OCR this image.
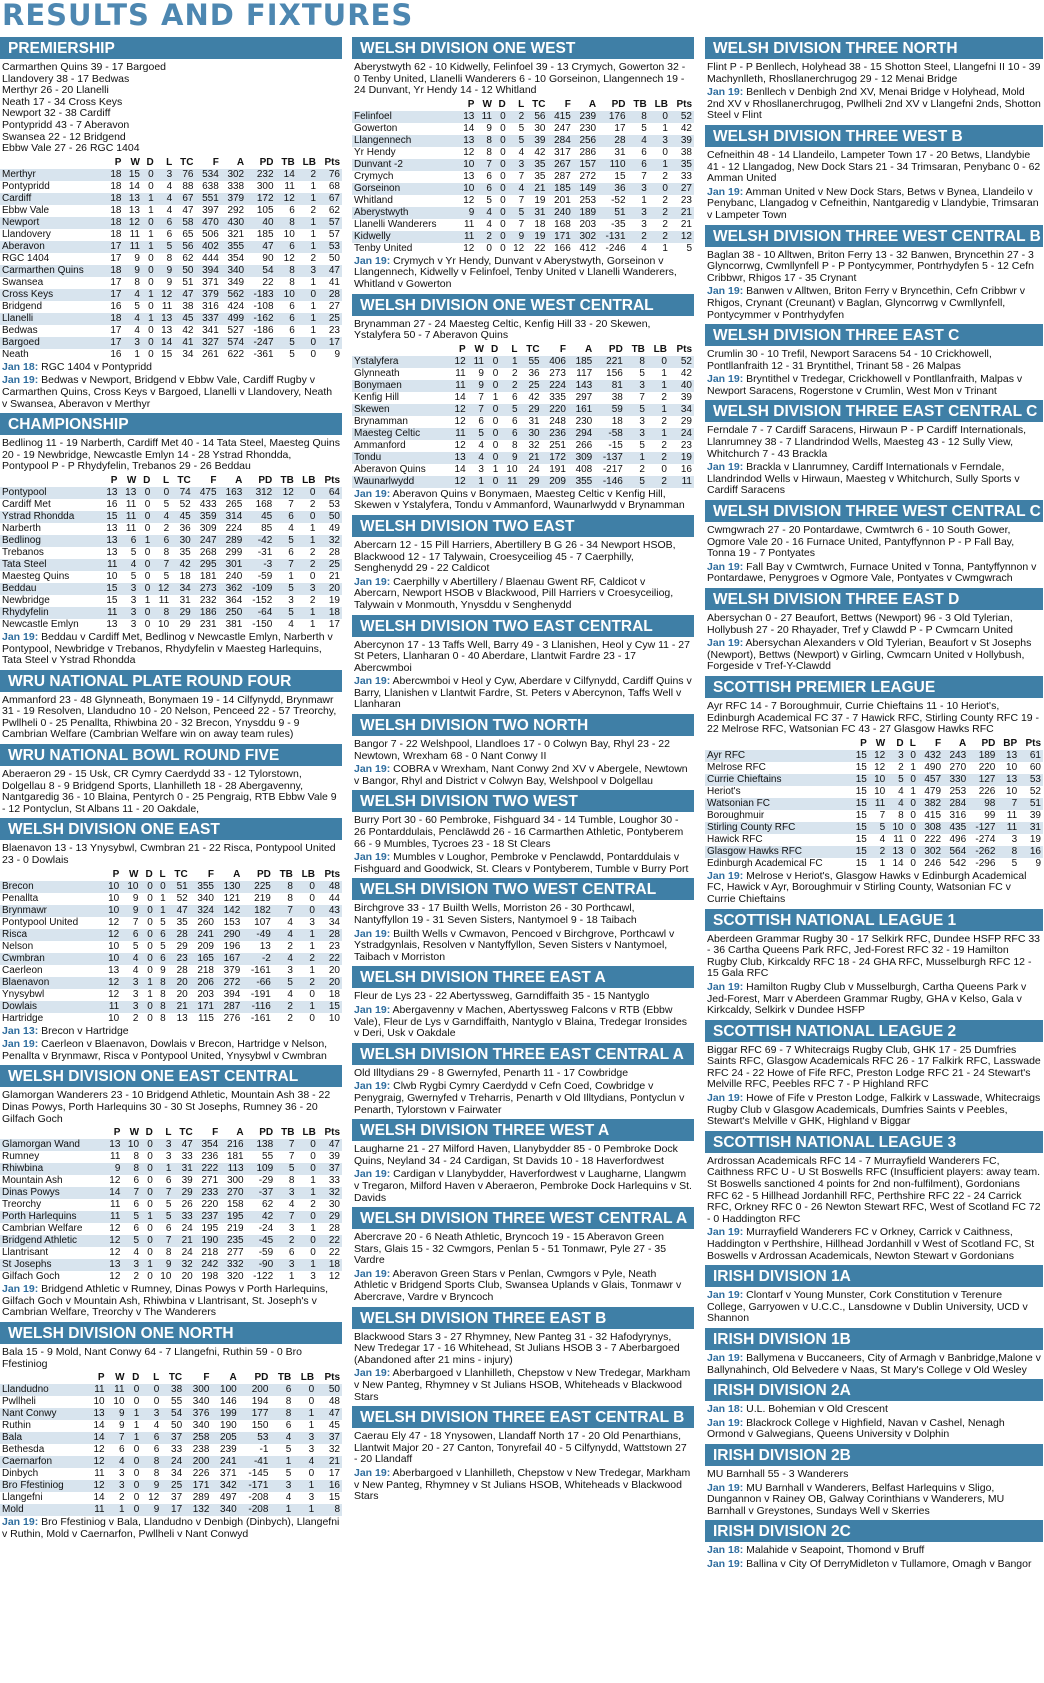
RESULTS AND FIXTURES
PREMIERSHIP
Carmarthen Quins 39 - 17 Bargoed
Llandovery 38 - 17 Bedwas
Merthyr 26 - 20 Llanelli
Neath 17 - 34 Cross Keys
Newport 32 - 38 Cardiff
Pontypridd 43 - 7 Aberavon
Swansea 22 - 12 Bridgend
Ebbw Vale 27 - 26 RGC 1404
	P	W	D	L	TC	F	A	PD	TB	LB	Pts
Merthyr	18	15	0	3	76	534	302	232	14	2	76
Pontypridd	18	14	0	4	88	638	338	300	11	1	68
Cardiff	18	13	1	4	67	551	379	172	12	1	67
Ebbw Vale	18	13	1	4	47	397	292	105	6	2	62
Newport	18	12	0	6	58	470	430	40	8	1	57
Llandovery	18	11	1	6	65	506	321	185	10	1	57
Aberavon	17	11	1	5	56	402	355	47	6	1	53
RGC 1404	17	9	0	8	62	444	354	90	12	2	50
Carmarthen Quins	18	9	0	9	50	394	340	54	8	3	47
Swansea	17	8	0	9	51	371	349	22	8	1	41
Cross Keys	17	4	1	12	47	379	562	-183	10	0	28
Bridgend	16	5	0	11	38	316	424	-108	6	1	27
Llanelli	18	4	1	13	45	337	499	-162	6	1	25
Bedwas	17	4	0	13	42	341	527	-186	6	1	23
Bargoed	17	3	0	14	41	327	574	-247	5	0	17
Neath	16	1	0	15	34	261	622	-361	5	0	9
Jan 18: RGC 1404 v Pontypridd
Jan 19: Bedwas v Newport, Bridgend v Ebbw Vale, Cardiff Rugby v Carmarthen Quins, Cross Keys v Bargoed, Llanelli v Llandovery, Neath v Swansea, Aberavon v Merthyr
CHAMPIONSHIP
Bedlinog 11 - 19 Narberth, Cardiff Met 40 - 14 Tata Steel, Maesteg Quins 20 - 19 Newbridge, Newcastle Emlyn 14 - 28 Ystrad Rhondda, Pontypool P - P Rhydyfelin, Trebanos 29 - 26 Beddau
	P	W	D	L	TC	F	A	PD	TB	LB	Pts
Pontypool	13	13	0	0	74	475	163	312	12	0	64
Cardiff Met	16	11	0	5	52	433	265	168	7	2	53
Ystrad Rhondda	15	11	0	4	45	359	314	45	6	0	50
Narberth	13	11	0	2	36	309	224	85	4	1	49
Bedlinog	13	6	1	6	30	247	289	-42	5	1	32
Trebanos	13	5	0	8	35	268	299	-31	6	2	28
Tata Steel	11	4	0	7	42	295	301	-3	7	2	25
Maesteg Quins	10	5	0	5	18	181	240	-59	1	0	21
Beddau	15	3	0	12	34	273	362	-109	5	3	20
Newbridge	15	3	1	11	31	232	364	-152	3	2	19
Rhydyfelin	11	3	0	8	29	186	250	-64	5	1	18
Newcastle Emlyn	13	3	0	10	29	231	381	-150	4	1	17
Jan 19: Beddau v Cardiff Met, Bedlinog v Newcastle Emlyn, Narberth v Pontypool, Newbridge v Trebanos, Rhydyfelin v Maesteg Harlequins, Tata Steel v Ystrad Rhondda
WRU NATIONAL PLATE ROUND FOUR
Ammanford 23 - 48 Glynneath, Bonymaen 19 - 14 Cilfynydd, Brynmawr 31 - 19 Resolven, Llandudno 10 - 20 Nelson, Penceed 22 - 57 Treorchy, Pwllheli 0 - 25 Penallta, Rhiwbina 20 - 32 Brecon, Ynysddu 9 - 9 Cambrian Welfare (Cambrian Welfare win on away team rules)
WRU NATIONAL BOWL ROUND FIVE
Aberaeron 29 - 15 Usk, CR Cymry Caerdydd 33 - 12 Tylorstown, Dolgellau 8 - 9 Bridgend Sports, Llanhilleth 18 - 28 Abergavenny, Nantgaredig 36 - 10 Blaina, Pentyrch 0 - 25 Pengraig, RTB Ebbw Vale 9 - 12 Pontyclun, St Albans 11 - 20 Oakdale,
WELSH DIVISION ONE EAST
Blaenavon 13 - 13 Ynysybwl, Cwmbran 21 - 22 Risca, Pontypool United 23 - 0 Dowlais
	P	W	D	L	TC	F	A	PD	TB	LB	Pts
Brecon	10	10	0	0	51	355	130	225	8	0	48
Penallta	10	9	0	1	52	340	121	219	8	0	44
Brynmawr	10	9	0	1	47	324	142	182	7	0	43
Pontypool United	12	7	0	5	35	260	153	107	4	3	34
Risca	12	6	0	6	28	241	290	-49	4	1	28
Nelson	10	5	0	5	29	209	196	13	2	1	23
Cwmbran	10	4	0	6	23	165	167	-2	4	2	22
Caerleon	13	4	0	9	28	218	379	-161	3	1	20
Blaenavon	12	3	1	8	20	206	272	-66	5	2	20
Ynysybwl	12	3	1	8	20	203	394	-191	4	0	18
Dowlais	11	3	0	8	21	171	287	-116	2	1	15
Hartridge	10	2	0	8	13	115	276	-161	2	0	10
Jan 13: Brecon v Hartridge
Jan 19: Caerleon v Blaenavon, Dowlais v Brecon, Hartridge v Nelson, Penallta v Brynmawr, Risca v Pontypool United, Ynysybwl v Cwmbran
WELSH DIVISION ONE EAST CENTRAL
Glamorgan Wanderers 23 - 10 Bridgend Athletic, Mountain Ash 38 - 22 Dinas Powys, Porth Harlequins 30 - 30 St Josephs, Rumney 36 - 20 Gilfach Goch
	P	W	D	L	TC	F	A	PD	TB	LB	Pts
Glamorgan Wand	13	10	0	3	47	354	216	138	7	0	47
Rumney	11	8	0	3	33	236	181	55	7	0	39
Rhiwbina	9	8	0	1	31	222	113	109	5	0	37
Mountain Ash	12	6	0	6	39	271	300	-29	8	1	33
Dinas Powys	14	7	0	7	29	233	270	-37	3	1	32
Treorchy	11	6	0	5	26	220	158	62	4	2	30
Porth Harlequins	11	5	1	5	33	237	195	42	7	0	29
Cambrian Welfare	12	6	0	6	24	195	219	-24	3	1	28
Bridgend Athletic	12	5	0	7	21	190	235	-45	2	0	22
Llantrisant	12	4	0	8	24	218	277	-59	6	0	22
St Josephs	13	3	1	9	32	242	332	-90	3	1	18
Gilfach Goch	12	2	0	10	20	198	320	-122	1	3	12
Jan 19: Bridgend Athletic v Rumney, Dinas Powys v Porth Harlequins, Gilfach Goch v Mountain Ash, Rhiwbina v Llantrisant, St. Joseph's v Cambrian Welfare, Treorchy v The Wanderers
WELSH DIVISION ONE NORTH
Bala 15 - 9 Mold, Nant Conwy 64 - 7 Llangefni, Ruthin 59 - 0 Bro Ffestiniog
	P	W	D	L	TC	F	A	PD	TB	LB	Pts
Llandudno	11	11	0	0	38	300	100	200	6	0	50
Pwllheli	10	10	0	0	55	340	146	194	8	0	48
Nant Conwy	13	9	1	3	54	376	199	177	8	1	47
Ruthin	14	9	1	4	50	340	190	150	6	1	45
Bala	14	7	1	6	37	258	205	53	4	3	37
Bethesda	12	6	0	6	33	238	239	-1	5	3	32
Caernarfon	12	4	0	8	24	200	241	-41	1	4	21
Dinbych	11	3	0	8	34	226	371	-145	5	0	17
Bro Ffestiniog	12	3	0	9	25	171	342	-171	3	1	16
Llangefni	14	2	0	12	37	289	497	-208	4	3	15
Mold	11	1	0	9	17	132	340	-208	1	1	8
Jan 19: Bro Ffestiniog v Bala, Llandudno v Denbigh (Dinbych), Llangefni v Ruthin, Mold v Caernarfon, Pwllheli v Nant Conwyd
WELSH DIVISION ONE WEST
Aberystwyth 62 - 10 Kidwelly, Felinfoel 39 - 13 Crymych, Gowerton 32 - 0 Tenby United, Llanelli Wanderers 6 - 10 Gorseinon, Llangennech 19 - 24 Dunvant, Yr Hendy 14 - 12 Whitland
	P	W	D	L	TC	F	A	PD	TB	LB	Pts
Felinfoel	13	11	0	2	56	415	239	176	8	0	52
Gowerton	14	9	0	5	30	247	230	17	5	1	42
Llangennech	13	8	0	5	39	284	256	28	4	3	39
Yr Hendy	12	8	0	4	42	317	286	31	6	0	38
Dunvant -2	10	7	0	3	35	267	157	110	6	1	35
Crymych	13	6	0	7	35	287	272	15	7	2	33
Gorseinon	10	6	0	4	21	185	149	36	3	0	27
Whitland	12	5	0	7	19	201	253	-52	1	2	23
Aberystwyth	9	4	0	5	31	240	189	51	3	2	21
Llanelli Wanderers	11	4	0	7	18	168	203	-35	3	2	21
Kidwelly	11	2	0	9	19	171	302	-131	2	2	12
Tenby United	12	0	0	12	22	166	412	-246	4	1	5
Jan 19: Crymych v Yr Hendy, Dunvant v Aberystwyth, Gorseinon v Llangennech, Kidwelly v Felinfoel, Tenby United v Llanelli Wanderers, Whitland v Gowerton
WELSH DIVISION ONE WEST CENTRAL
Brynamman 27 - 24 Maesteg Celtic, Kenfig Hill 33 - 20 Skewen, Ystalyfera 50 - 7 Aberavon Quins
	P	W	D	L	TC	F	A	PD	TB	LB	Pts
Ystalyfera	12	11	0	1	55	406	185	221	8	0	52
Glynneath	11	9	0	2	36	273	117	156	5	1	42
Bonymaen	11	9	0	2	25	224	143	81	3	1	40
Kenfig Hill	14	7	1	6	42	335	297	38	7	2	39
Skewen	12	7	0	5	29	220	161	59	5	1	34
Brynamman	12	6	0	6	31	248	230	18	3	2	29
Maesteg Celtic	11	5	0	6	30	236	294	-58	3	1	24
Ammanford	12	4	0	8	32	251	266	-15	5	2	23
Tondu	13	4	0	9	21	172	309	-137	1	2	19
Aberavon Quins	14	3	1	10	24	191	408	-217	2	0	16
Waunarlwydd	12	1	0	11	29	209	355	-146	5	2	11
Jan 19: Aberavon Quins v Bonymaen, Maesteg Celtic v Kenfig Hill, Skewen v Ystalyfera, Tondu v Ammanford, Waunarlwydd v Brynamman
WELSH DIVISION TWO EAST
Abercarn 12 - 15 Pill Harriers, Abertillery B G 26 - 34 Newport HSOB, Blackwood 12 - 17 Talywain, Croesyceiliog 45 - 7 Caerphilly, Senghenydd 29 - 22 Caldicot
Jan 19: Caerphilly v Abertillery / Blaenau Gwent RF, Caldicot v Abercarn, Newport HSOB v Blackwood, Pill Harriers v Croesyceiliog, Talywain v Monmouth, Ynysddu v Senghenydd
WELSH DIVISION TWO EAST CENTRAL
Abercynon 17 - 13 Taffs Well, Barry 49 - 3 Llanishen, Heol y Cyw 11 - 27 St Peters, Llanharan 0 - 40 Aberdare, Llantwit Fardre 23 - 17 Abercwmboi
Jan 19: Abercwmboi v Heol y Cyw, Aberdare v Cilfynydd, Cardiff Quins v Barry, Llanishen v Llantwit Fardre, St. Peters v Abercynon, Taffs Well v Llanharan
WELSH DIVISION TWO NORTH
Bangor 7 - 22 Welshpool, Llandloes 17 - 0 Colwyn Bay, Rhyl 23 - 22 Newtown, Wrexham 68 - 0 Nant Conwy II
Jan 19: COBRA v Wrexham, Nant Conwy 2nd XV v Abergele, Newtown v Bangor, Rhyl and District v Colwyn Bay, Welshpool v Dolgellau
WELSH DIVISION TWO WEST
Burry Port 30 - 60 Pembroke, Fishguard 34 - 14 Tumble, Loughor 30 - 26 Pontarddulais, Penclāwdd 26 - 16 Carmarthen Athletic, Pontyberem 66 - 9 Mumbles, Tycroes 23 - 18 St Clears
Jan 19: Mumbles v Loughor, Pembroke v Penclawdd, Pontarddulais v Fishguard and Goodwick, St. Clears v Pontyberem, Tumble v Burry Port
WELSH DIVISION TWO WEST CENTRAL
Birchgrove 33 - 17 Builth Wells, Morriston 26 - 30 Porthcawl, Nantyffyllon 19 - 31 Seven Sisters, Nantymoel 9 - 18 Taibach
Jan 19: Builth Wells v Cwmavon, Pencoed v Birchgrove, Porthcawl v Ystradgynlais, Resolven v Nantyffyllon, Seven Sisters v Nantymoel, Taibach v Morriston
WELSH DIVISION THREE EAST A
Fleur de Lys 23 - 22 Abertyssweg, Garndiffaith 35 - 15 Nantyglo
Jan 19: Abergavenny v Machen, Abertyssweg Falcons v RTB (Ebbw Vale), Fleur de Lys v Garndiffaith, Nantyglo v Blaina, Tredegar Ironsides v Deri, Usk v Oakdale
WELSH DIVISION THREE EAST CENTRAL A
Old Illtydians 29 - 8 Gwernyfed, Penarth 11 - 17 Cowbridge
Jan 19: Clwb Rygbi Cymry Caerdydd v Cefn Coed, Cowbridge v Penygraig, Gwernyfed v Treharris, Penarth v Old Illtydians, Pontyclun v Penarth, Tylorstown v Fairwater
WELSH DIVISION THREE WEST A
Laugharne 21 - 27 Milford Haven, Llanybydder 85 - 0 Pembroke Dock Quins, Neyland 34 - 24 Cardigan, St Davids 10 - 18 Haverfordwest
Jan 19: Cardigan v Llanybydder, Haverfordwest v Laugharne, Llangwm v Tregaron, Milford Haven v Aberaeron, Pembroke Dock Harlequins v St. Davids
WELSH DIVISION THREE WEST CENTRAL A
Abercrave 20 - 6 Neath Athletic, Bryncoch 19 - 15 Aberavon Green Stars, Glais 15 - 32 Cwmgors, Penlan 5 - 51 Tonmawr, Pyle 27 - 35 Vardre
Jan 19: Aberavon Green Stars v Penlan, Cwmgors v Pyle, Neath Athletic v Bridgend Sports Club, Swansea Uplands v Glais, Tonmawr v Abercrave, Vardre v Bryncoch
WELSH DIVISION THREE EAST B
Blackwood Stars 3 - 27 Rhymney, New Panteg 31 - 32 Hafodyrynys, New Tredegar 17 - 16 Whitehead, St Julians HSOB 3 - 7 Aberbargoed (Abandoned after 21 mins - injury)
Jan 19: Aberbargoed v Llanhilleth, Chepstow v New Tredegar, Markham v New Panteg, Rhymney v St Julians HSOB, Whiteheads v Blackwood Stars
WELSH DIVISION THREE EAST CENTRAL B
Caerau Ely 47 - 18 Ynysowen, Llandaff North 17 - 20 Old Penarthians, Llantwit Major 20 - 27 Canton, Tonyrefail 40 - 5 Cilfynydd, Wattstown 27 - 20 Llandaff
Jan 19: Aberbargoed v Llanhilleth, Chepstow v New Tredegar, Markham v New Panteg, Rhymney v St Julians HSOB, Whiteheads v Blackwood Stars
WELSH DIVISION THREE NORTH
Flint P - P Benllech, Holyhead 38 - 15 Shotton Steel, Llangefni II 10 - 39 Machynlleth, Rhosllanerchrugog 29 - 12 Menai Bridge
Jan 19: Benllech v Denbigh 2nd XV, Menai Bridge v Holyhead, Mold 2nd XV v Rhosllanerchrugog, Pwllheli 2nd XV v Llangefni 2nds, Shotton Steel v Flint
WELSH DIVISION THREE WEST B
Cefneithin 48 - 14 Llandeilo, Lampeter Town 17 - 20 Betws, Llandybie 41 - 12 Llangadog, New Dock Stars 21 - 34 Trimsaran, Penybanc 0 - 62 Amman United
Jan 19: Amman United v New Dock Stars, Betws v Bynea, Llandeilo v Penybanc, Llangadog v Cefneithin, Nantgaredig v Llandybie, Trimsaran v Lampeter Town
WELSH DIVISION THREE WEST CENTRAL B
Baglan 38 - 10 Alltwen, Briton Ferry 13 - 32 Banwen, Bryncethin 27 - 3 Glyncorrwg, Cwmllynfell P - P Pontycymmer, Pontrhydyfen 5 - 12 Cefn Cribbwr, Rhigos 17 - 35 Crynant
Jan 19: Banwen v Alltwen, Briton Ferry v Bryncethin, Cefn Cribbwr v Rhigos, Crynant (Creunant) v Baglan, Glyncorrwg v Cwmllynfell, Pontycymmer v Pontrhydyfen
WELSH DIVISION THREE EAST C
Crumlin 30 - 10 Trefil, Newport Saracens 54 - 10 Crickhowell, Pontllanfraith 12 - 31 Bryntithel, Trinant 58 - 26 Malpas
Jan 19: Bryntithel v Tredegar, Crickhowell v Pontllanfraith, Malpas v Newport Saracens, Rogerstone v Crumlin, West Mon v Trinant
WELSH DIVISION THREE EAST CENTRAL C
Ferndale 7 - 7 Cardiff Saracens, Hirwaun P - P Cardiff Internationals, Llanrumney 38 - 7 Llandrindod Wells, Maesteg 43 - 12 Sully View, Whitchurch 7 - 43 Brackla
Jan 19: Brackla v Llanrumney, Cardiff Internationals v Ferndale, Llandrindod Wells v Hirwaun, Maesteg v Whitchurch, Sully Sports v Cardiff Saracens
WELSH DIVISION THREE WEST CENTRAL C
Cwmgwrach 27 - 20 Pontardawe, Cwmtwrch 6 - 10 South Gower, Ogmore Vale 20 - 16 Furnace United, Pantyffynnon P - P Fall Bay, Tonna 19 - 7 Pontyates
Jan 19: Fall Bay v Cwmtwrch, Furnace United v Tonna, Pantyffynnon v Pontardawe, Penygroes v Ogmore Vale, Pontyates v Cwmgwrach
WELSH DIVISION THREE EAST D
Abersychan 0 - 27 Beaufort, Bettws (Newport) 96 - 3 Old Tylerian, Hollybush 27 - 20 Rhayader, Tref y Clawdd P - P Cwmcarn United
Jan 19: Abersychan Alexanders v Old Tylerian, Beaufort v St Josephs (Newport), Bettws (Newport) v Girling, Cwmcarn United v Hollybush, Forgeside v Tref-Y-Clawdd
SCOTTISH PREMIER LEAGUE
Ayr RFC 14 - 7 Boroughmuir, Currie Chieftains 11 - 10 Heriot's, Edinburgh Academical FC 37 - 7 Hawick RFC, Stirling County RFC 19 - 22 Melrose RFC, Watsonian FC 43 - 27 Glasgow Hawks RFC
	P	W	D	L	F	A	PD	BP	Pts
Ayr RFC	15	12	3	0	432	243	189	13	61
Melrose RFC	15	12	2	1	490	270	220	10	60
Currie Chieftains	15	10	5	0	457	330	127	13	53
Heriot's	15	10	4	1	479	253	226	10	52
Watsonian FC	15	11	4	0	382	284	98	7	51
Boroughmuir	15	7	8	0	415	316	99	11	39
Stirling County RFC	15	5	10	0	308	435	-127	11	31
Hawick RFC	15	4	11	0	222	496	-274	3	19
Glasgow Hawks RFC	15	2	13	0	302	564	-262	8	16
Edinburgh Academical FC	15	1	14	0	246	542	-296	5	9
Jan 19: Melrose v Heriot's, Glasgow Hawks v Edinburgh Academical FC, Hawick v Ayr, Boroughmuir v Stirling County, Watsonian FC v Currie Chieftains
SCOTTISH NATIONAL LEAGUE 1
Aberdeen Grammar Rugby 30 - 17 Selkirk RFC, Dundee HSFP RFC 33 - 36 Cartha Queens Park RFC, Jed-Forest RFC 32 - 19 Hamilton Rugby Club, Kirkcaldy RFC 18 - 24 GHA RFC, Musselburgh RFC 12 - 15 Gala RFC
Jan 19: Hamilton Rugby Club v Musselburgh, Cartha Queens Park v Jed-Forest, Marr v Aberdeen Grammar Rugby, GHA v Kelso, Gala v Kirkcaldy, Selkirk v Dundee HSFP
SCOTTISH NATIONAL LEAGUE 2
Biggar RFC 69 - 7 Whitecraigs Rugby Club, GHK 17 - 25 Dumfries Saints RFC, Glasgow Academicals RFC 26 - 17 Falkirk RFC, Lasswade RFC 24 - 22 Howe of Fife RFC, Preston Lodge RFC 21 - 24 Stewart's Melville RFC, Peebles RFC 7 - P Highland RFC
Jan 19: Howe of Fife v Preston Lodge, Falkirk v Lasswade, Whitecraigs Rugby Club v Glasgow Academicals, Dumfries Saints v Peebles, Stewart's Melville v GHK, Highland v Biggar
SCOTTISH NATIONAL LEAGUE 3
Ardrossan Academicals RFC 14 - 7 Murrayfield Wanderers FC, Caithness RFC U - U St Boswells RFC (Insufficient players: away team. St Boswells sanctioned 4 points for 2nd non-fulfilment), Gordonians RFC 62 - 5 Hillhead Jordanhill RFC, Perthshire RFC 22 - 24 Carrick RFC, Orkney RFC 0 - 26 Newton Stewart RFC, West of Scotland FC 72 - 0 Haddington RFC
Jan 19: Murrayfield Wanderers FC v Orkney, Carrick v Caithness, Haddington v Perthshire, Hillhead Jordanhill v West of Scotland FC, St Boswells v Ardrossan Academicals, Newton Stewart v Gordonians
IRISH DIVISION 1A
Jan 19: Clontarf v Young Munster, Cork Constitution v Terenure College, Garryowen v U.C.C., Lansdowne v Dublin University, UCD v Shannon
IRISH DIVISION 1B
Jan 19: Ballymena v Buccaneers, City of Armagh v Banbridge,Malone v Ballynahinch, Old Belvedere v Naas, St Mary's College v Old Wesley
IRISH DIVISION 2A
Jan 18: U.L. Bohemian v Old Crescent
Jan 19: Blackrock College v Highfield, Navan v Cashel, Nenagh Ormond v Galwegians, Queens University v Dolphin
IRISH DIVISION 2B
MU Barnhall 55 - 3 Wanderers
Jan 19: MU Barnhall v Wanderers, Belfast Harlequins v Sligo, Dungannon v Rainey OB, Galway Corinthians v Wanderers, MU Barnhall v Greystones, Sundays Well v Skerries
IRISH DIVISION 2C
Jan 18: Malahide v Seapoint, Thomond v Bruff
Jan 19: Ballina v City Of DerryMidleton v Tullamore, Omagh v Bangor
